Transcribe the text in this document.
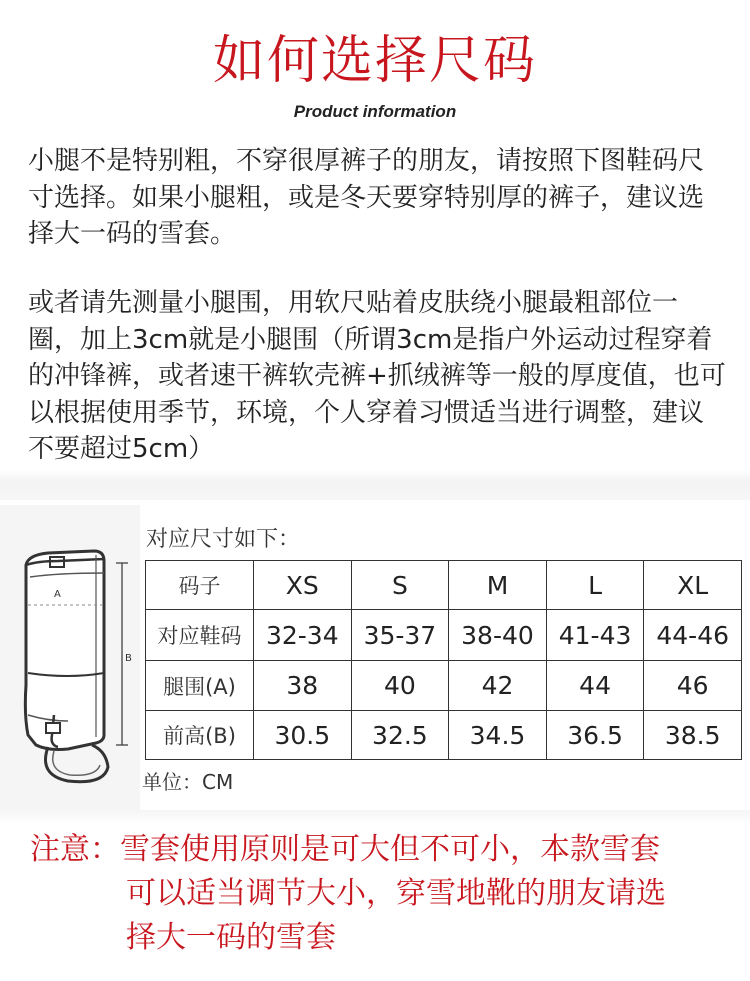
如何选择尺码
Product information
小腿不是特别粗，不穿很厚裤子的朋友，请按照下图鞋码尺寸选择。如果小腿粗，或是冬天要穿特别厚的裤子，建议选择大一码的雪套。
或者请先测量小腿围，用软尺贴着皮肤绕小腿最粗部位一圈，加上3cm就是小腿围（所谓3cm是指户外运动过程穿着的冲锋裤，或者速干裤软壳裤+抓绒裤等一般的厚度值，也可以根据使用季节，环境，个人穿着习惯适当进行调整，建议不要超过5cm）
A
B
对应尺寸如下：
码子	XS	S	M	L	XL
对应鞋码	32-34	35-37	38-40	41-43	44-46
腿围(A)	38	40	42	44	46
前高(B)	30.5	32.5	34.5	36.5	38.5
单位：CM
注意：雪套使用原则是可大但不可小，本款雪套
可以适当调节大小，穿雪地靴的朋友请选
择大一码的雪套
